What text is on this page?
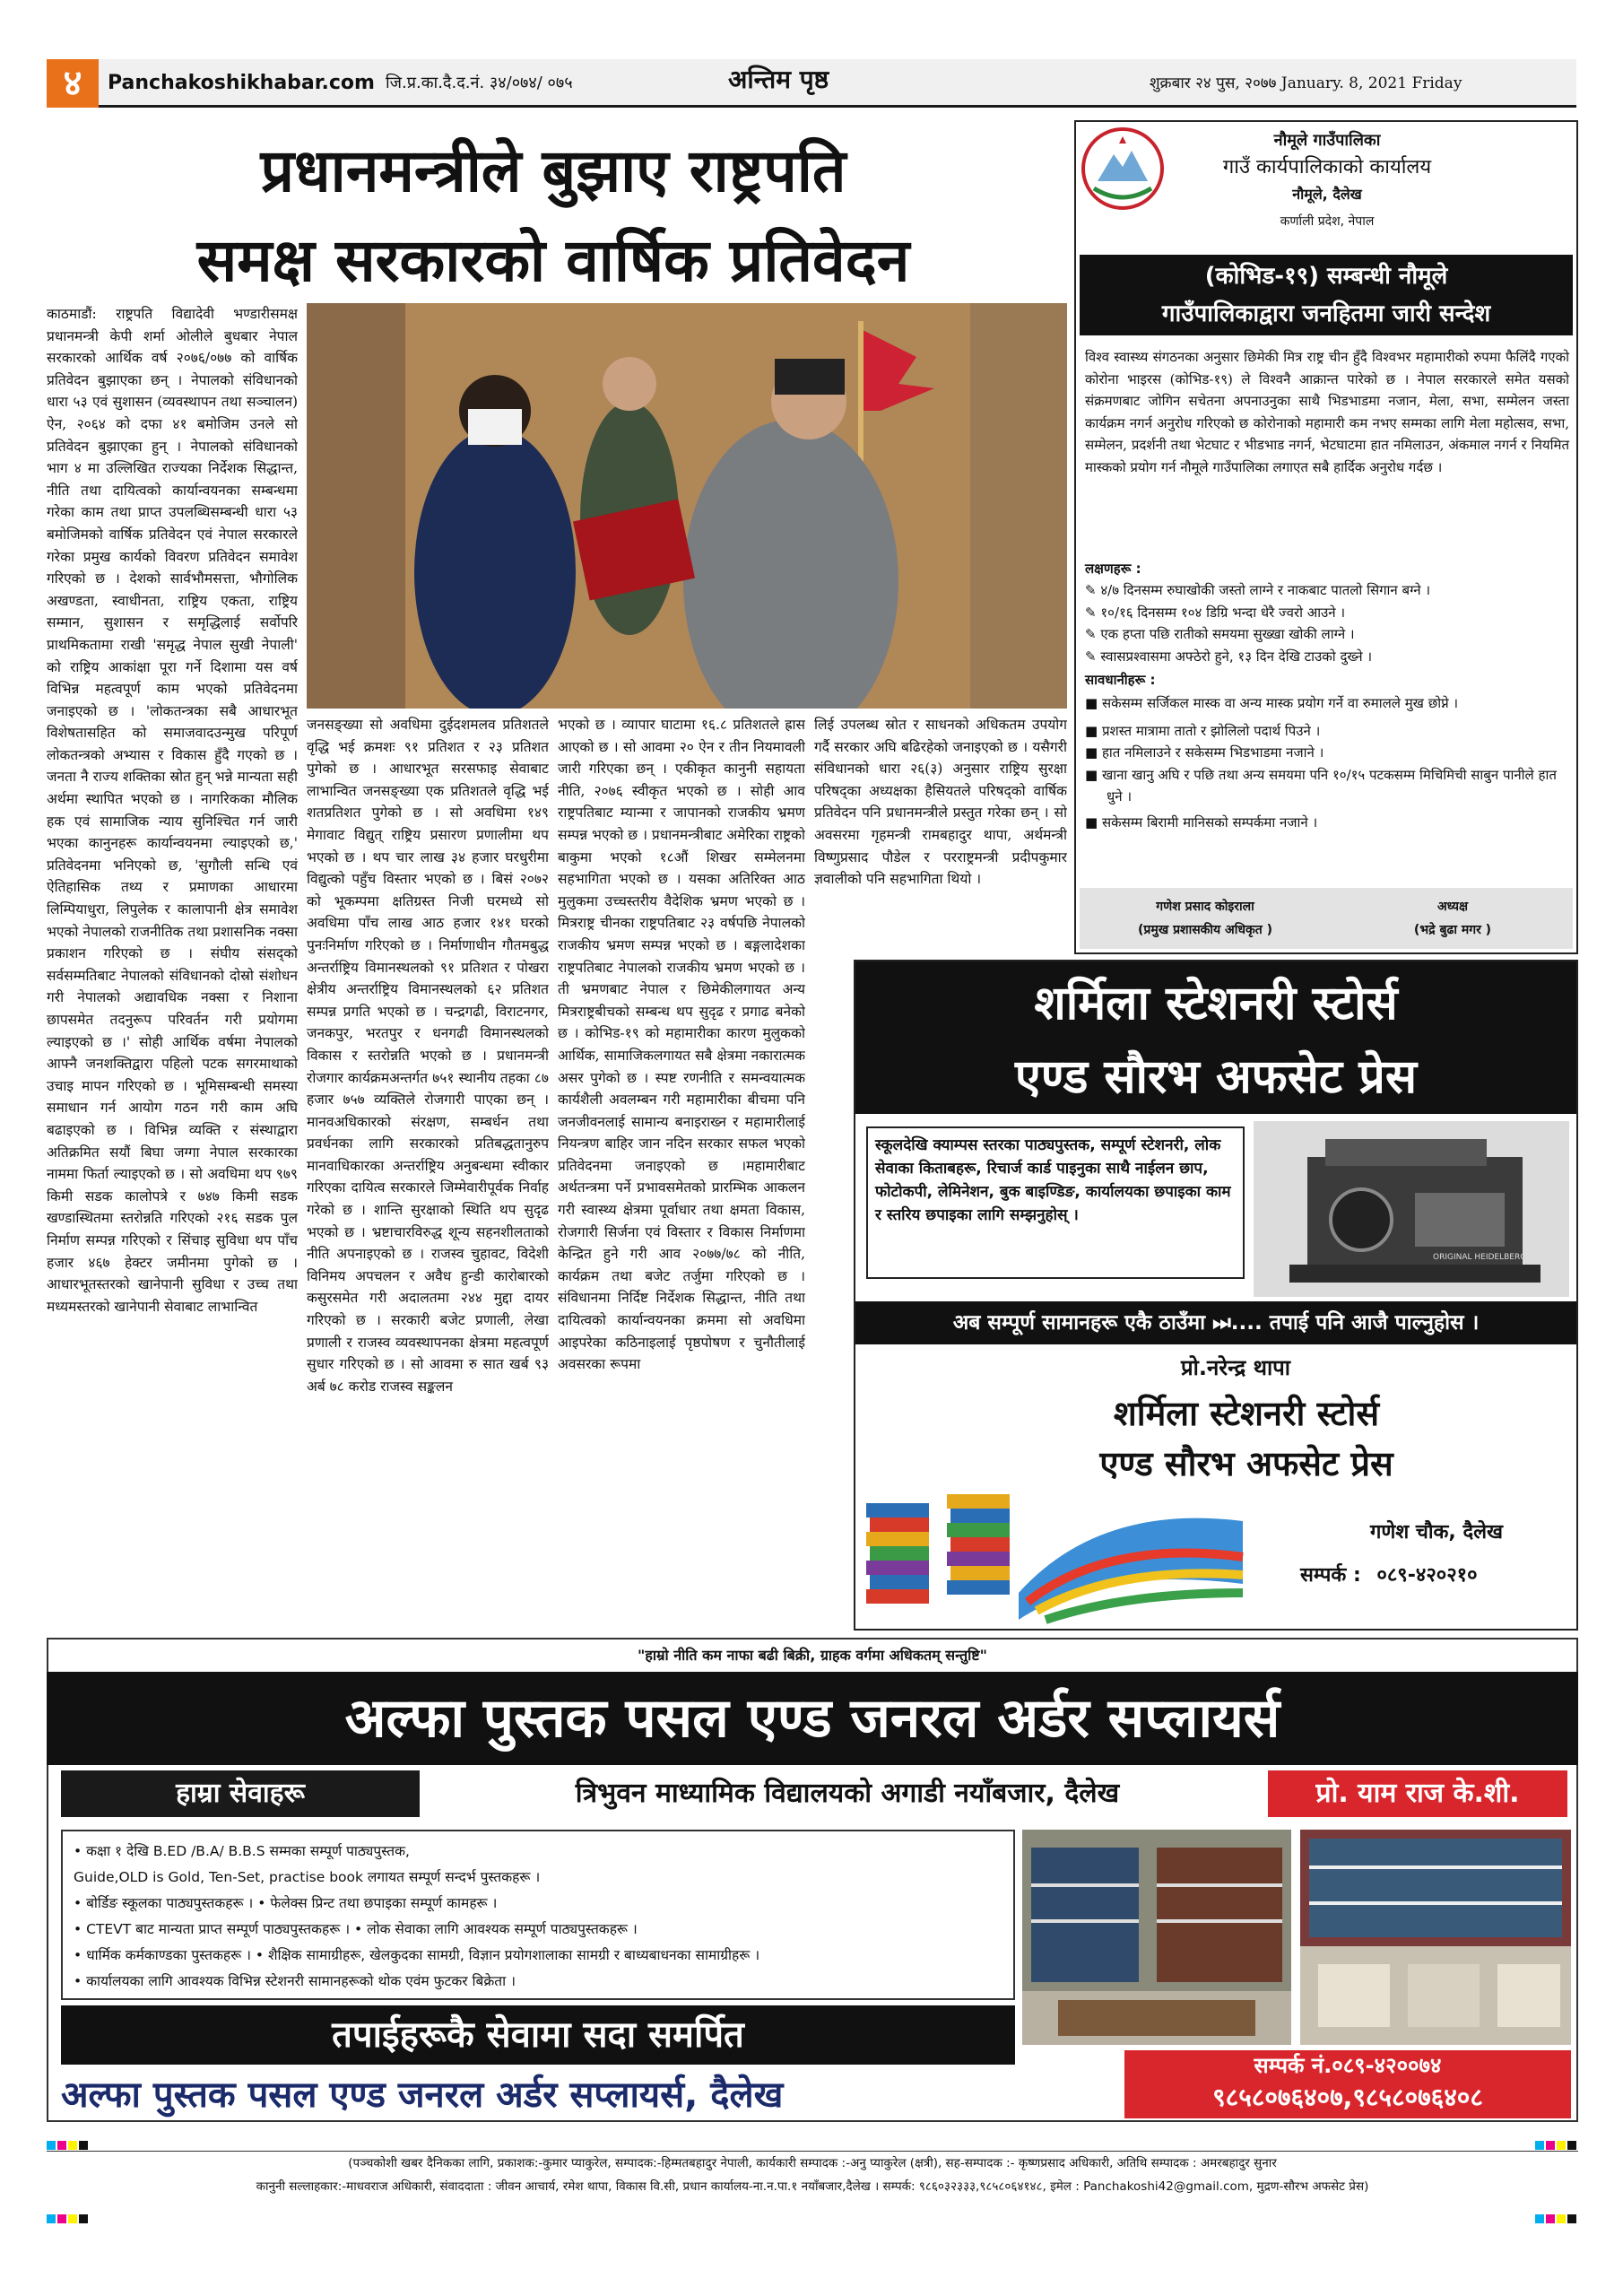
४	Panchakoshikhabar.com जि.प्र.का.दै.द.नं. ३४/०७४/ ०७५	अन्तिम पृष्ठ	शुक्रबार २४ पुस, २०७७ January. 8, 2021 Friday
प्रधानमन्त्रीले बुझाए राष्ट्रपति
समक्ष सरकारको वार्षिक प्रतिवेदन

काठमाडौं: राष्ट्रपति विद्यादेवी भण्डारीसमक्ष प्रधानमन्त्री केपी शर्मा ओलीले बुधबार नेपाल सरकारको आर्थिक वर्ष २०७६/०७७ को वार्षिक प्रतिवेदन बुझाएका छन् । नेपालको संविधानको धारा ५३ एवं सुशासन (व्यवस्थापन तथा सञ्चालन) ऐन, २०६४ को दफा ४१ बमोजिम उनले सो प्रतिवेदन बुझाएका हुन् । नेपालको संविधानको भाग ४ मा उल्लिखित राज्यका निर्देशक सिद्धान्त, नीति तथा दायित्वको कार्यान्वयनका सम्बन्धमा गरेका काम तथा प्राप्त उपलब्धिसम्बन्धी धारा ५३ बमोजिमको वार्षिक प्रतिवेदन एवं नेपाल सरकारले गरेका प्रमुख कार्यको विवरण प्रतिवेदन समावेश गरिएको छ । देशको सार्वभौमसत्ता, भौगोलिक अखण्डता, स्वाधीनता, राष्ट्रिय एकता, राष्ट्रिय सम्मान, सुशासन र समृद्धिलाई सर्वोपरि प्राथमिकतामा राखी 'समृद्ध नेपाल सुखी नेपाली' को राष्ट्रिय आकांक्षा पूरा गर्ने दिशामा यस वर्ष विभिन्न महत्वपूर्ण काम भएको प्रतिवेदनमा जनाइएको छ । 'लोकतन्त्रका सबै आधारभूत विशेषतासहित को समाजवादउन्मुख परिपूर्ण लोकतन्त्रको अभ्यास र विकास हुँदै गएको छ । जनता नै राज्य शक्तिका स्रोत हुन् भन्ने मान्यता सही अर्थमा स्थापित भएको छ । नागरिकका मौलिक हक एवं सामाजिक न्याय सुनिश्चित गर्न जारी भएका कानुनहरू कार्यान्वयनमा ल्याइएको छ,' प्रतिवेदनमा भनिएको छ, 'सुगौली सन्धि एवं ऐतिहासिक तथ्य र प्रमाणका आधारमा लिम्पियाधुरा, लिपुलेक र कालापानी क्षेत्र समावेश भएको नेपालको राजनीतिक तथा प्रशासनिक नक्सा प्रकाशन गरिएको छ । संघीय संसद्को सर्वसम्मतिबाट नेपालको संविधानको दोस्रो संशोधन गरी नेपालको अद्यावधिक नक्सा र निशाना छापसमेत तदनुरूप परिवर्तन गरी प्रयोगमा ल्याइएको छ ।' सोही आर्थिक वर्षमा नेपालको आफ्नै जनशक्तिद्वारा पहिलो पटक सगरमाथाको उचाइ मापन गरिएको छ । भूमिसम्बन्धी समस्या समाधान गर्न आयोग गठन गरी काम अघि बढाइएको छ । विभिन्न व्यक्ति र संस्थाद्वारा अतिक्रमित सयौं बिघा जग्गा नेपाल सरकारका नाममा फिर्ता ल्याइएको छ । सो अवधिमा थप ९७९ किमी सडक कालोपत्रे र ७४७ किमी सडक खण्डास्थितमा स्तरोन्नति गरिएको २१६ सडक पुल निर्माण सम्पन्न गरिएको र सिंचाइ सुविधा थप पाँच हजार ४६७ हेक्टर जमीनमा पुगेको छ । आधारभूतस्तरको खानेपानी सुविधा र उच्च तथा मध्यमस्तरको खानेपानी सेवाबाट लाभान्वित

जनसङ्ख्या सो अवधिमा दुईदशमलव प्रतिशतले वृद्धि भई क्रमशः ९१ प्रतिशत र २३ प्रतिशत पुगेको छ । आधारभूत सरसफाइ सेवाबाट लाभान्वित जनसङ्ख्या एक प्रतिशतले वृद्धि भई शतप्रतिशत पुगेको छ । सो अवधिमा १४९ मेगावाट विद्युत् राष्ट्रिय प्रसारण प्रणालीमा थप भएको छ । थप चार लाख ३४ हजार घरधुरीमा विद्युत्को पहुँच विस्तार भएको छ । बिसं २०७२ को भूकम्पमा क्षतिग्रस्त निजी घरमध्ये सो अवधिमा पाँच लाख आठ हजार १४१ घरको पुनःनिर्माण गरिएको छ । निर्माणाधीन गौतमबुद्ध अन्तर्राष्ट्रिय विमानस्थलको ९१ प्रतिशत र पोखरा क्षेत्रीय अन्तर्राष्ट्रिय विमानस्थलको ६२ प्रतिशत सम्पन्न प्रगति भएको छ । चन्द्रगढी, विराटनगर, जनकपुर, भरतपुर र धनगढी विमानस्थलको विकास र स्तरोन्नति भएको छ । प्रधानमन्त्री रोजगार कार्यक्रमअन्तर्गत ७५१ स्थानीय तहका ८७ हजार ७५७ व्यक्तिले रोजगारी पाएका छन् । मानवअधिकारको संरक्षण, सम्बर्धन तथा प्रवर्धनका लागि सरकारको प्रतिबद्धतानुरुप मानवाधिकारका अन्तर्राष्ट्रिय अनुबन्धमा स्वीकार गरिएका दायित्व सरकारले जिम्मेवारीपूर्वक निर्वाह गरेको छ । शान्ति सुरक्षाको स्थिति थप सुदृढ भएको छ । भ्रष्टाचारविरुद्ध शून्य सहनशीलताको नीति अपनाइएको छ । राजस्व चुहावट, विदेशी विनिमय अपचलन र अवैध हुन्डी कारोबारको कसुरसमेत गरी अदालतमा २४४ मुद्दा दायर गरिएको छ । सरकारी बजेट प्रणाली, लेखा प्रणाली र राजस्व व्यवस्थापनका क्षेत्रमा महत्वपूर्ण सुधार गरिएको छ । सो आवमा रु सात खर्ब ९३ अर्ब ७८ करोड राजस्व सङ्कलन

भएको छ । व्यापार घाटामा १६.८ प्रतिशतले ह्रास आएको छ । सो आवमा २० ऐन र तीन नियमावली जारी गरिएका छन् । एकीकृत कानुनी सहायता नीति, २०७६ स्वीकृत भएको छ । सोही आव राष्ट्रपतिबाट म्यान्मा र जापानको राजकीय भ्रमण सम्पन्न भएको छ । प्रधानमन्त्रीबाट अमेरिका राष्ट्रको बाकुमा भएको १८औं शिखर सम्मेलनमा सहभागिता भएको छ । यसका अतिरिक्त आठ मुलुकमा उच्चस्तरीय वैदेशिक भ्रमण भएको छ । मित्रराष्ट्र चीनका राष्ट्रपतिबाट २३ वर्षपछि नेपालको राजकीय भ्रमण सम्पन्न भएको छ । बङ्गलादेशका राष्ट्रपतिबाट नेपालको राजकीय भ्रमण भएको छ । ती भ्रमणबाट नेपाल र छिमेकीलगायत अन्य मित्रराष्ट्रबीचको सम्बन्ध थप सुदृढ र प्रगाढ बनेको छ । कोभिड-१९ को महामारीका कारण मुलुकको आर्थिक, सामाजिकलगायत सबै क्षेत्रमा नकारात्मक असर पुगेको छ । स्पष्ट रणनीति र समन्वयात्मक कार्यशैली अवलम्बन गरी महामारीका बीचमा पनि जनजीवनलाई सामान्य बनाइराख्न र महामारीलाई नियन्त्रण बाहिर जान नदिन सरकार सफल भएको प्रतिवेदनमा जनाइएको छ ।महामारीबाट अर्थतन्त्रमा पर्ने प्रभावसमेतको प्रारम्भिक आकलन गरी स्वास्थ्य क्षेत्रमा पूर्वाधार तथा क्षमता विकास, रोजगारी सिर्जना एवं विस्तार र विकास निर्माणमा केन्द्रित हुने गरी आव २०७७/७८ को नीति, कार्यक्रम तथा बजेट तर्जुमा गरिएको छ । संविधानमा निर्दिष्ट निर्देशक सिद्धान्त, नीति तथा दायित्वको कार्यान्वयनका क्रममा सो अवधिमा आइपरेका कठिनाइलाई पृष्ठपोषण र चुनौतीलाई अवसरका रूपमा

लिई उपलब्ध स्रोत र साधनको अधिकतम उपयोग गर्दै सरकार अघि बढिरहेको जनाइएको छ । यसैगरी संविधानको धारा २६(३) अनुसार राष्ट्रिय सुरक्षा परिषद्का अध्यक्षका हैसियतले परिषद्को वार्षिक प्रतिवेदन पनि प्रधानमन्त्रीले प्रस्तुत गरेका छन् । सो अवसरमा गृहमन्त्री रामबहादुर थापा, अर्थमन्त्री विष्णुप्रसाद पौडेल र परराष्ट्रमन्त्री प्रदीपकुमार ज्ञवालीको पनि सहभागिता थियो ।

नौमूले गाउँपालिका
गाउँ कार्यपालिकाको कार्यालय
नौमूले, दैलेख
कर्णाली प्रदेश, नेपाल
(कोभिड-१९) सम्बन्धी नौमूले
गाउँपालिकाद्वारा जनहितमा जारी सन्देश
विश्व स्वास्थ्य संगठनका अनुसार छिमेकी मित्र राष्ट्र चीन हुँदै विश्वभर महामारीको रुपमा फैलिंदै गएको कोरोना भाइरस (कोभिड-१९) ले विश्वनै आक्रान्त पारेको छ । नेपाल सरकारले समेत यसको संक्रमणबाट जोगिन सचेतना अपनाउनुका साथै भिडभाडमा नजान, मेला, सभा, सम्मेलन जस्ता कार्यक्रम नगर्न अनुरोध गरिएको छ कोरोनाको महामारी कम नभए सम्मका लागि मेला महोत्सव, सभा, सम्मेलन, प्रदर्शनी तथा भेटघाट र भीडभाड नगर्न, भेटघाटमा हात नमिलाउन, अंकमाल नगर्न र नियमित मास्कको प्रयोग गर्न नौमूले गाउँपालिका लगाएत सबै हार्दिक अनुरोध गर्दछ ।
लक्षणहरू :
✎ ४/७ दिनसम्म रुघाखोकी जस्तो लाग्ने र नाकबाट पातलो सिगान बग्ने ।
✎ १०/१६ दिनसम्म १०४ डिग्रि भन्दा धेरै ज्वरो आउने ।
✎ एक हप्ता पछि रातीको समयमा सुख्खा खोकी लाग्ने ।
✎ स्वासप्रश्वासमा अफ्ठेरो हुने, १३ दिन देखि टाउको दुख्ने ।
सावधानीहरू :
■ सकेसम्म सर्जिकल मास्क वा अन्य मास्क प्रयोग गर्ने वा रुमालले मुख छोप्ने ।
■ प्रशस्त मात्रामा तातो र झोलिलो पदार्थ पिउने ।
■ हात नमिलाउने र सकेसम्म भिडभाडमा नजाने ।
■ खाना खानु अघि र पछि तथा अन्य समयमा पनि १०/१५ पटकसम्म मिचिमिची साबुन पानीले हात धुने ।
■ सकेसम्म बिरामी मानिसको सम्पर्कमा नजाने ।
गणेश प्रसाद कोइराला
(प्रमुख प्रशासकीय अधिकृत )
अध्यक्ष
(भद्रे बुढा मगर )
शर्मिला स्टेशनरी स्टोर्स
एण्ड सौरभ अफसेट प्रेस
स्कूलदेखि क्याम्पस स्तरका पाठ्यपुस्तक, सम्पूर्ण स्टेशनरी, लोक सेवाका किताबहरू, रिचार्ज कार्ड पाइनुका साथै नाईलन छाप, फोटोकपी, लेमिनेशन, बुक बाइण्डिङ, कार्यालयका छपाइका काम र स्तरिय छपाइका लागि सम्झनुहोस् ।
ORIGINAL HEIDELBERG
अब सम्पूर्ण सामानहरू एकै ठाउँमा ⏭.... तपाई पनि आजै पाल्नुहोस ।
प्रो.नरेन्द्र थापा
शर्मिला स्टेशनरी स्टोर्स
एण्ड सौरभ अफसेट प्रेस
गणेश चौक, दैलेख
सम्पर्क : ०८९-४२०२१०
"हाम्रो नीति कम नाफा बढी बिक्री, ग्राहक वर्गमा अधिकतम् सन्तुष्टि"
अल्फा पुस्तक पसल एण्ड जनरल अर्डर सप्लायर्स
हाम्रा सेवाहरू	त्रिभुवन माध्यामिक विद्यालयको अगाडी नयाँबजार, दैलेख	प्रो. याम राज के.शी.
• कक्षा १ देखि B.ED /B.A/ B.B.S सम्मका सम्पूर्ण पाठ्यपुस्तक,
Guide,OLD is Gold, Ten-Set, practise book लगायत सम्पूर्ण सन्दर्भ पुस्तकहरू ।
• बोर्डिङ स्कूलका पाठ्यपुस्तकहरू । • फेलेक्स प्रिन्ट तथा छपाइका सम्पूर्ण कामहरू ।
• CTEVT बाट मान्यता प्राप्त सम्पूर्ण पाठ्यपुस्तकहरू । • लोक सेवाका लागि आवश्यक सम्पूर्ण पाठ्यपुस्तकहरू ।
• धार्मिक कर्मकाण्डका पुस्तकहरू । • शैक्षिक सामाग्रीहरू, खेलकुदका सामग्री, विज्ञान प्रयोगशालाका सामग्री र बाध्यबाधनका सामाग्रीहरू ।
• कार्यालयका लागि आवश्यक विभिन्न स्टेशनरी सामानहरूको थोक एवंम फुटकर बिक्रेता ।
तपाईहरूकै सेवामा सदा समर्पित
अल्फा पुस्तक पसल एण्ड जनरल अर्डर सप्लायर्स, दैलेख
सम्पर्क नं.०८९-४२००७४
९८५८०७६४०७,९८५८०७६४०८
(पञ्चकोशी खबर दैनिकका लागि, प्रकाशक:-कुमार प्याकुरेल, सम्पादक:-हिम्मतबहादुर नेपाली, कार्यकारी सम्पादक :-अनु प्याकुरेल (क्षत्री), सह-सम्पादक :- कृष्णप्रसाद अधिकारी, अतिथि सम्पादक : अमरबहादुर सुनार
कानुनी सल्लाहकार:-माधवराज अधिकारी, संवाददाता : जीवन आचार्य, रमेश थापा, विकास वि.सी, प्रधान कार्यालय-ना.न.पा.१ नयाँबजार,दैलेख । सम्पर्क: ९८६०३२३३३,९८५८०६४१४८, इमेल : Panchakoshi42@gmail.com, मुद्रण-सौरभ अफसेट प्रेस)
